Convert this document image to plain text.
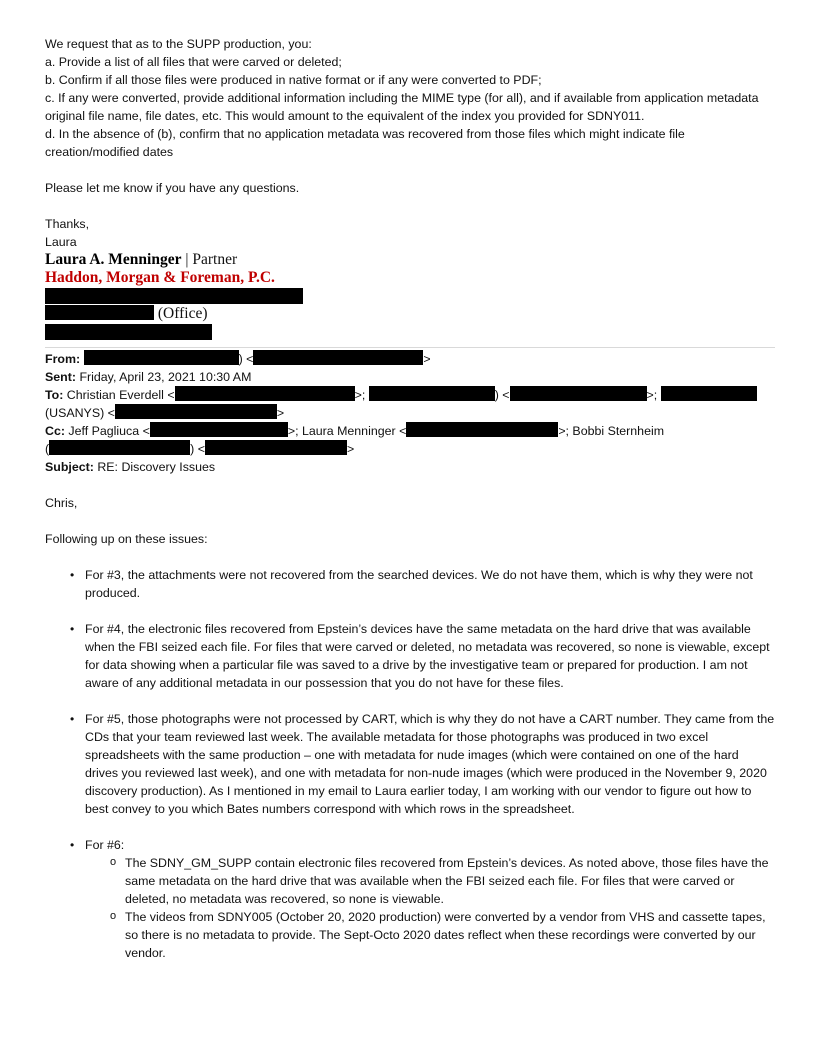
We request that as to the SUPP production, you:

a. Provide a list of all files that were carved or deleted;

b. Confirm if all those files were produced in native format or if any were converted to PDF;

c. If any were converted, provide additional information including the MIME type (for all), and if available from application metadata original file name, file dates, etc. This would amount to the equivalent of the index you provided for SDNY011.

d. In the absence of (b), confirm that no application metadata was recovered from those files which might indicate file creation/modified dates

Please let me know if you have any questions.

Thanks,

Laura

Laura A. Menninger | Partner
Haddon, Morgan & Foreman, P.C.
(Office)

From:	) <	>

Sent: Friday, April 23, 2021 10:30 AM

To: Christian Everdell <	>;	) <	>;

(USANYS) <	>

Cc: Jeff Pagliuca <	>; Laura Menninger <	>; Bobbi Sternheim

(	) <	>

Subject: RE: Discovery Issues

Chris,

Following up on these issues:

• For #3, the attachments were not recovered from the searched devices. We do not have them, which is why they were not produced.
• For #4, the electronic files recovered from Epstein’s devices have the same metadata on the hard drive that was available when the FBI seized each file. For files that were carved or deleted, no metadata was recovered, so none is viewable, except for data showing when a particular file was saved to a drive by the investigative team or prepared for production. I am not aware of any additional metadata in our possession that you do not have for these files.
• For #5, those photographs were not processed by CART, which is why they do not have a CART number. They came from the CDs that your team reviewed last week. The available metadata for those photographs was produced in two excel spreadsheets with the same production – one with metadata for nude images (which were contained on one of the hard drives you reviewed last week), and one with metadata for non-nude images (which were produced in the November 9, 2020 discovery production). As I mentioned in my email to Laura earlier today, I am working with our vendor to figure out how to best convey to you which Bates numbers correspond with which rows in the spreadsheet.
• For #6:
o The SDNY_GM_SUPP contain electronic files recovered from Epstein’s devices. As noted above, those files have the same metadata on the hard drive that was available when the FBI seized each file. For files that were carved or deleted, no metadata was recovered, so none is viewable.
o The videos from SDNY005 (October 20, 2020 production) were converted by a vendor from VHS and cassette tapes, so there is no metadata to provide. The Sept-Octo 2020 dates reflect when these recordings were converted by our vendor.
